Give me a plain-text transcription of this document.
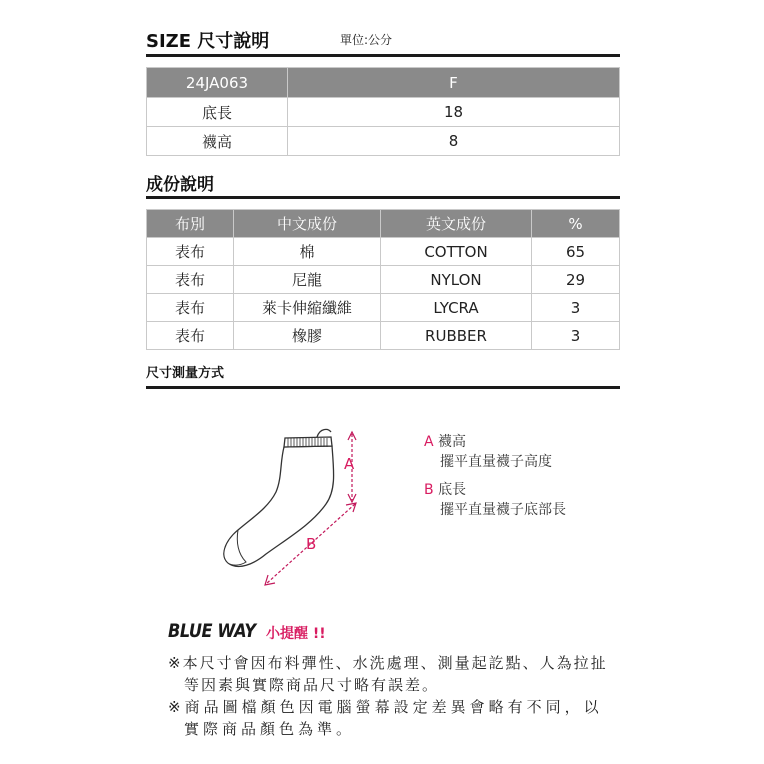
SIZE 尺寸說明	單位:公分
24JA063	F
底長	18
襪高	8
成份說明
布別	中文成份	英文成份	%
表布	棉	COTTON	65
表布	尼龍	NYLON	29
表布	萊卡伸縮纖維	LYCRA	3
表布	橡膠	RUBBER	3
尺寸測量方式
A
B
A 襪高
擺平直量襪子高度
B 底長
擺平直量襪子底部長
BLUE WAY 小提醒 !!
※本尺寸會因布料彈性、水洗處理、測量起訖點、人為拉扯
等因素與實際商品尺寸略有誤差。
※商品圖檔顏色因電腦螢幕設定差異會略有不同，以
實際商品顏色為準。
